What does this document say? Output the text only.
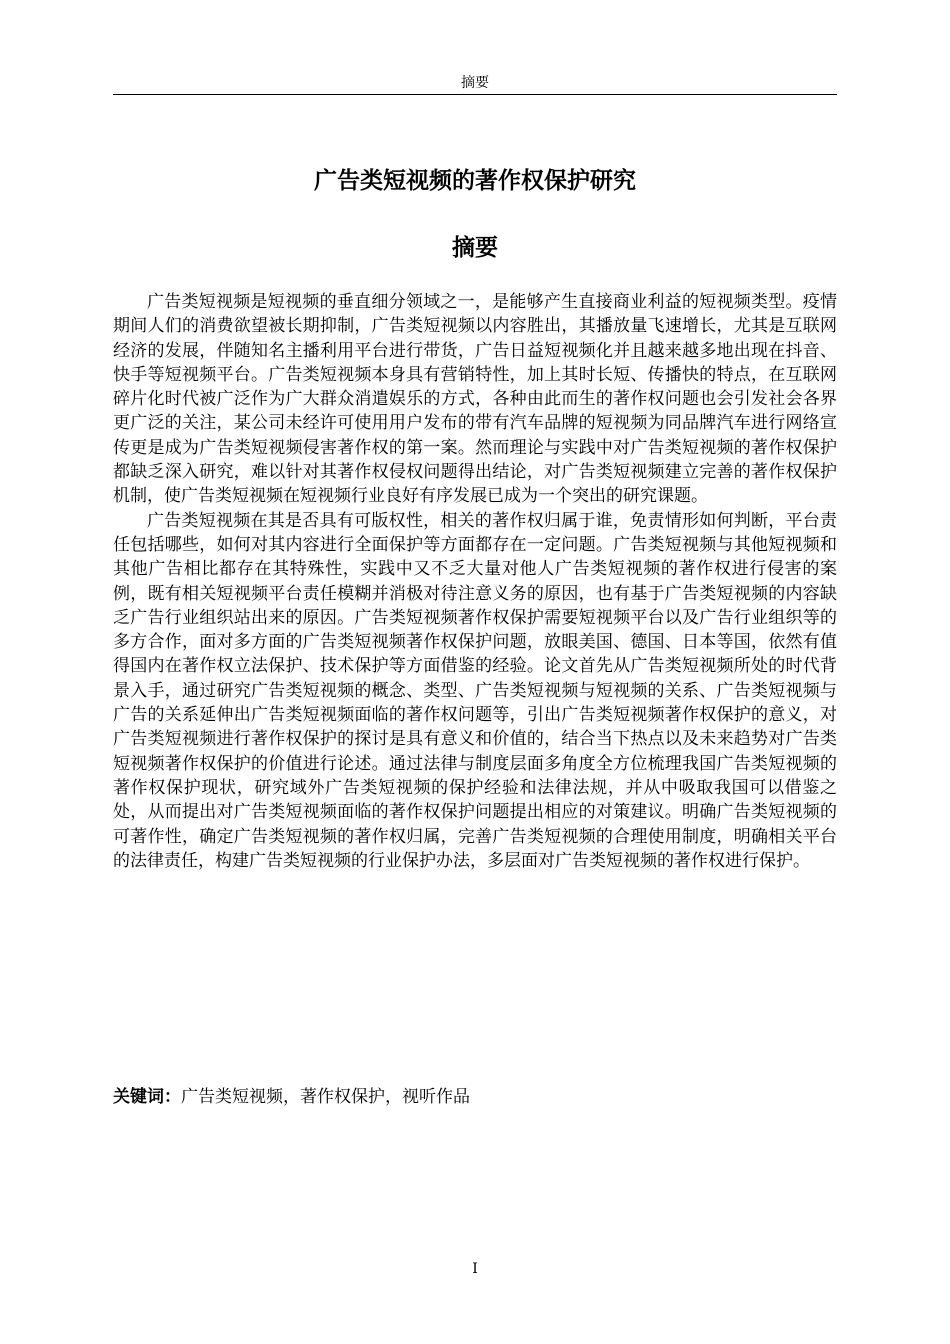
摘要
广告类短视频的著作权保护研究
摘要

广告类短视频是短视频的垂直细分领域之一，是能够产生直接商业利益的短视频类型。疫情期间人们的消费欲望被长期抑制，广告类短视频以内容胜出，其播放量飞速增长，尤其是互联网经济的发展，伴随知名主播利用平台进行带货，广告日益短视频化并且越来越多地出现在抖音、快手等短视频平台。广告类短视频本身具有营销特性，加上其时长短、传播快的特点，在互联网碎片化时代被广泛作为广大群众消遣娱乐的方式，各种由此而生的著作权问题也会引发社会各界更广泛的关注，某公司未经许可使用用户发布的带有汽车品牌的短视频为同品牌汽车进行网络宣传更是成为广告类短视频侵害著作权的第一案。然而理论与实践中对广告类短视频的著作权保护都缺乏深入研究，难以针对其著作权侵权问题得出结论，对广告类短视频建立完善的著作权保护机制，使广告类短视频在短视频行业良好有序发展已成为一个突出的研究课题。

广告类短视频在其是否具有可版权性，相关的著作权归属于谁，免责情形如何判断，平台责任包括哪些，如何对其内容进行全面保护等方面都存在一定问题。广告类短视频与其他短视频和其他广告相比都存在其特殊性，实践中又不乏大量对他人广告类短视频的著作权进行侵害的案例，既有相关短视频平台责任模糊并消极对待注意义务的原因，也有基于广告类短视频的内容缺乏广告行业组织站出来的原因。广告类短视频著作权保护需要短视频平台以及广告行业组织等的多方合作，面对多方面的广告类短视频著作权保护问题，放眼美国、德国、日本等国，依然有值得国内在著作权立法保护、技术保护等方面借鉴的经验。论文首先从广告类短视频所处的时代背景入手，通过研究广告类短视频的概念、类型、广告类短视频与短视频的关系、广告类短视频与广告的关系延伸出广告类短视频面临的著作权问题等，引出广告类短视频著作权保护的意义，对广告类短视频进行著作权保护的探讨是具有意义和价值的，结合当下热点以及未来趋势对广告类短视频著作权保护的价值进行论述。通过法律与制度层面多角度全方位梳理我国广告类短视频的著作权保护现状，研究域外广告类短视频的保护经验和法律法规，并从中吸取我国可以借鉴之处，从而提出对广告类短视频面临的著作权保护问题提出相应的对策建议。明确广告类短视频的可著作性，确定广告类短视频的著作权归属，完善广告类短视频的合理使用制度，明确相关平台的法律责任，构建广告类短视频的行业保护办法，多层面对广告类短视频的著作权进行保护。

关键词：广告类短视频，著作权保护，视听作品
I
